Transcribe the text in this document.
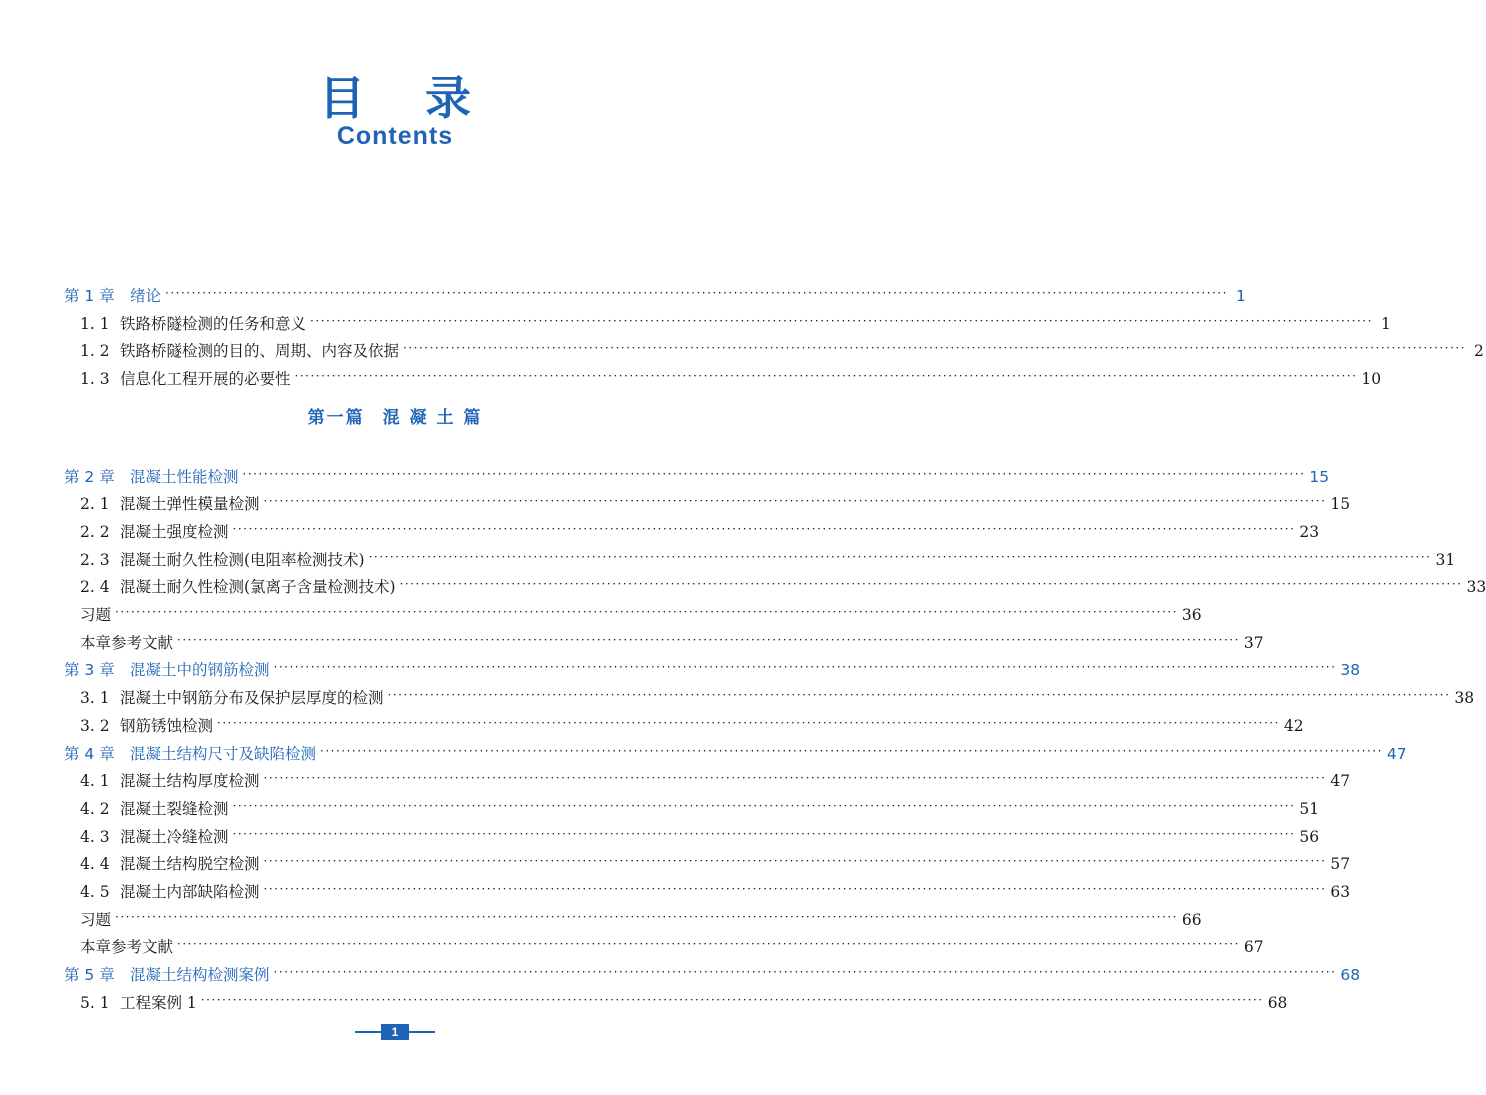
目录
Contents
第 1 章 绪论 ········································································································································································································ 1
1. 1 铁路桥隧检测的任务和意义 ········································································································································································································ 1
1. 2 铁路桥隧检测的目的、周期、内容及依据 ········································································································································································································ 2
1. 3 信息化工程开展的必要性 ········································································································································································································ 10
第 2 章 混凝土性能检测 ········································································································································································································ 15
2. 1 混凝土弹性模量检测 ········································································································································································································ 15
2. 2 混凝土强度检测 ········································································································································································································ 23
2. 3 混凝土耐久性检测(电阻率检测技术) ········································································································································································································ 31
2. 4 混凝土耐久性检测(氯离子含量检测技术) ········································································································································································································ 33
习题 ········································································································································································································ 36
本章参考文献 ········································································································································································································ 37
第 3 章 混凝土中的钢筋检测 ········································································································································································································ 38
3. 1 混凝土中钢筋分布及保护层厚度的检测 ········································································································································································································ 38
3. 2 钢筋锈蚀检测 ········································································································································································································ 42
第 4 章 混凝土结构尺寸及缺陷检测 ········································································································································································································ 47
4. 1 混凝土结构厚度检测 ········································································································································································································ 47
4. 2 混凝土裂缝检测 ········································································································································································································ 51
4. 3 混凝土冷缝检测 ········································································································································································································ 56
4. 4 混凝土结构脱空检测 ········································································································································································································ 57
4. 5 混凝土内部缺陷检测 ········································································································································································································ 63
习题 ········································································································································································································ 66
本章参考文献 ········································································································································································································ 67
第 5 章 混凝土结构检测案例 ········································································································································································································ 68
5. 1 工程案例 1 ········································································································································································································ 68
1
第一篇 混 凝 土 篇
